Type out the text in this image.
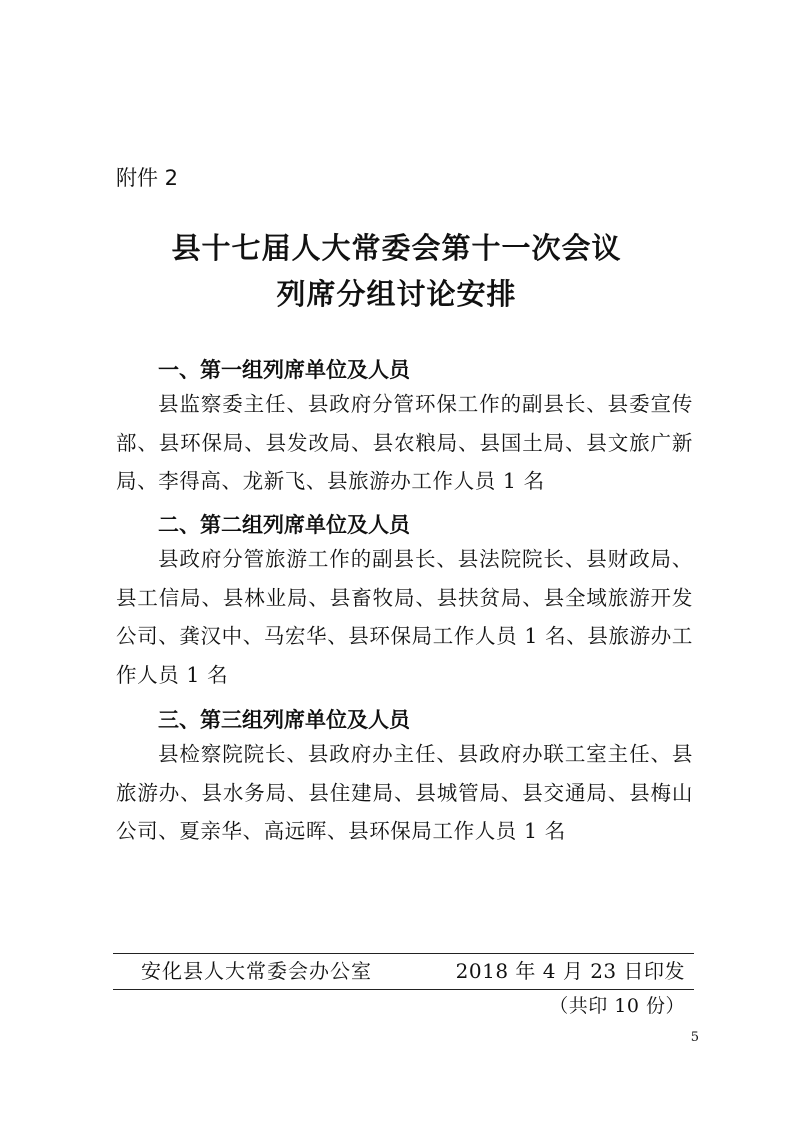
附件 2
县十七届人大常委会第十一次会议
列席分组讨论安排
一、第一组列席单位及人员
县监察委主任、县政府分管环保工作的副县长、县委宣传部、县环保局、县发改局、县农粮局、县国土局、县文旅广新局、李得高、龙新飞、县旅游办工作人员 1 名
二、第二组列席单位及人员
县政府分管旅游工作的副县长、县法院院长、县财政局、县工信局、县林业局、县畜牧局、县扶贫局、县全域旅游开发公司、龚汉中、马宏华、县环保局工作人员 1 名、县旅游办工作人员 1 名
三、第三组列席单位及人员
县检察院院长、县政府办主任、县政府办联工室主任、县旅游办、县水务局、县住建局、县城管局、县交通局、县梅山公司、夏亲华、高远晖、县环保局工作人员 1 名
安化县人大常委会办公室	2018 年 4 月 23 日印发
（共印 10 份）
5
